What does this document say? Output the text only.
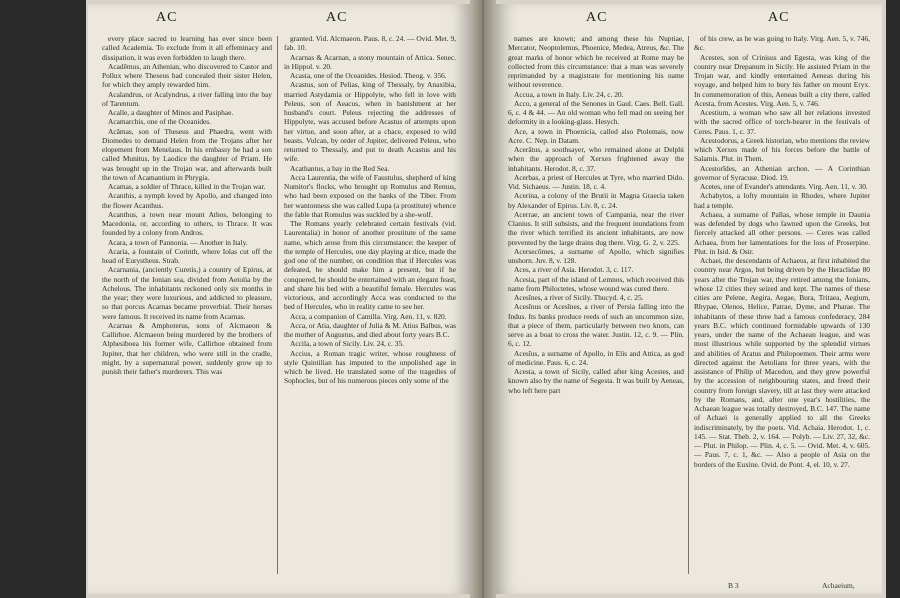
AC	AC

every place sacred to learning has ever since been called Academia. To exclude from it all effeminacy and dissipation, it was even forbidden to laugh there.

Acadēmus, an Athenian, who discovered to Castor and Pollux where Theseus had concealed their sister Helen, for which they amply rewarded him.

Acalandrus, or Acalyndrus, a river falling into the bay of Tarentum.

Acalle, a daughter of Minos and Pasiphae.

Acamarchis, one of the Oceanides.

Acămas, son of Theseus and Phaedra, went with Diomedes to demand Helen from the Trojans after her elopement from Menelaus. In his embassy he had a son called Munitus, by Laodice the daughter of Priam. He was brought up in the Trojan war, and afterwards built the town of Acamantium in Phrygia.

Acamas, a soldier of Thrace, killed in the Trojan war.

Acanthis, a nymph loved by Apollo, and changed into the flower Acanthus.

Acanthus, a town near mount Athos, belonging to Macedonia, or, according to others, to Thrace. It was founded by a colony from Andros.

Acara, a town of Pannonia. — Another in Italy.

Acaria, a fountain of Corinth, where Iolas cut off the head of Eurystheus. Strab.

Acarnania, (anciently Curetis,) a country of Epirus, at the north of the Ionian sea, divided from Aetolia by the Achelous. The inhabitants reckoned only six months in the year; they were luxurious, and addicted to pleasure, so that porcus Acarnas became proverbial. Their horses were famous. It received its name from Acarnas.

Acarnas & Amphoterus, sons of Alcmaeon & Callirhoe. Alcmaeon being murdered by the brothers of Alphesiboea his former wife, Callirhoe obtained from Jupiter, that her children, who were still in the cradle, might, by a supernatural power, suddenly grow up to punish their father's murderers. This was

granted. Vid. Alcmaeon. Paus. 8, c. 24. — Ovid. Met. 9, fab. 10.

Acarnas & Acarnan, a stony mountain of Attica. Senec. in Hippol. v. 20.

Acasta, one of the Oceanides. Hesiod. Theog. v. 356.

Acastus, son of Pelias, king of Thessaly, by Anaxibia, married Astydamia or Hippolyte, who fell in love with Peleus, son of Aeacus, when in banishment at her husband's court. Peleus rejecting the addresses of Hippolyte, was accused before Acastus of attempts upon her virtue, and soon after, at a chace, exposed to wild beasts. Vulcan, by order of Jupiter, delivered Peleus, who returned to Thessaly, and put to death Acastus and his wife.

Acathantus, a bay in the Red Sea.

Acca Laurentia, the wife of Faustulus, shepherd of king Numitor's flocks, who brought up Romulus and Remus, who had been exposed on the banks of the Tiber. From her wantonness she was called Lupa (a prostitute) whence the fable that Romulus was suckled by a she-wolf.

The Romans yearly celebrated certain festivals (vid. Laurentalia) in honor of another prostitute of the same name, which arose from this circumstance: the keeper of the temple of Hercules, one day playing at dice, made the god one of the number, on condition that if Hercules was defeated, he should make him a present, but if he conquered, he should be entertained with an elegant feast, and share his bed with a beautiful female. Hercules was victorious, and accordingly Acca was conducted to the bed of Hercules, who in reality came to see her.

Acca, a companion of Camilla. Virg. Aen. 11, v. 820.

Acca, or Atia, daughter of Julia & M. Atius Balbus, was the mother of Augustus, and died about forty years B.C.

Accila, a town of Sicily. Liv. 24, c. 35.

Accius, a Roman tragic writer, whose roughness of style Quintilian has imputed to the unpolished age in which he lived. He translated some of the tragedies of Sophocles, but of his numerous pieces only some of the

AC	AC

names are known; and among these his Nuptiae, Mercator, Neoptolemus, Phoenice, Medea, Atreus, &c. The great marks of honor which he received at Rome may be collected from this circumstance: that a man was severely reprimanded by a magistrate for mentioning his name without reverence.

Accua, a town in Italy. Liv. 24, c. 20.

Acco, a general of the Senones in Gaul. Caes. Bell. Gall. 6, c. 4 & 44. — An old woman who fell mad on seeing her deformity in a looking-glass. Hesych.

Ace, a town in Phoenicia, called also Ptolemais, now Acre. C. Nep. in Datam.

Acerātus, a soothsayer, who remained alone at Delphi when the approach of Xerxes frightened away the inhabitants. Herodot. 8, c. 37.

Acerbas, a priest of Hercules at Tyre, who married Dido. Vid. Sichaeus. — Justin. 18, c. 4.

Acerina, a colony of the Brutii in Magna Graecia taken by Alexander of Epirus. Liv. 8, c. 24.

Acerrae, an ancient town of Campania, near the river Clanius. It still subsists, and the frequent inundations from the river which terrified its ancient inhabitants, are now prevented by the large drains dug there. Virg. G. 2, v. 225.

Acersecŏmes, a surname of Apollo, which signifies unshorn. Juv. 8, v. 128.

Aces, a river of Asia. Herodot. 3, c. 117.

Acesia, part of the island of Lemnos, which received this name from Philoctetes, whose wound was cured there.

Acesīnes, a river of Sicily. Thucyd. 4, c. 25.

Acesīnus or Acesīnes, a river of Persia falling into the Indus. Its banks produce reeds of such an uncommon size, that a piece of them, particularly between two knots, can serve as a boat to cross the water. Justin. 12, c. 9. — Plin. 6, c. 12.

Acesĭus, a surname of Apollo, in Elis and Attica, as god of medicine. Paus. 6, c. 24.

Acesta, a town of Sicily, called after king Acestes, and known also by the name of Segesta. It was built by Aeneas, who left here part

of his crew, as he was going to Italy. Virg. Aen. 5, v. 746, &c.

Acestes, son of Crinisus and Egesta, was king of the country near Drepanum in Sicily. He assisted Priam in the Trojan war, and kindly entertained Aeneas during his voyage, and helped him to bury his father on mount Eryx. In commemoration of this, Aeneas built a city there, called Acesta, from Acestes. Virg. Aen. 5, v. 746.

Acestium, a woman who saw all her relations invested with the sacred office of torch-bearer in the festivals of Ceres. Paus. 1, c. 37.

Acestodorus, a Greek historian, who mentions the review which Xerxes made of his forces before the battle of Salamis. Plut. in Them.

Acestorĭdes, an Athenian archon. — A Corinthian governor of Syracuse. Diod. 19.

Acetes, one of Evander's attendants. Virg. Aen. 11, v. 30.

Achabytos, a lofty mountain in Rhodes, where Jupiter had a temple.

Achaea, a surname of Pallas, whose temple in Daunia was defended by dogs who fawned upon the Greeks, but fiercely attacked all other persons. — Ceres was called Achaea, from her lamentations for the loss of Proserpine. Plut. in Isid. & Osir.

Achaei, the descendants of Achaeus, at first inhabited the country near Argos, but being driven by the Heraclidae 80 years after the Trojan war, they retired among the Ionians, whose 12 cities they seized and kept. The names of these cities are Pelene, Aegira, Aegae, Bura, Tritaea, Aegium, Rhypae, Olenos, Helice, Patrae, Dyme, and Pharae. The inhabitants of these three had a famous confederacy, 284 years B.C. which continued formidable upwards of 130 years, under the name of the Achaean league, and was most illustrious while supported by the splendid virtues and abilities of Aratus and Philopoemen. Their arms were directed against the Aetolians for three years, with the assistance of Philip of Macedon, and they grew powerful by the accession of neighbouring states, and freed their country from foreign slavery, till at last they were attacked by the Romans, and, after one year's hostilities, the Achaean league was totally destroyed, B.C. 147. The name of Achaei is generally applied to all the Greeks indiscriminately, by the poets. Vid. Achaia. Herodot. 1, c. 145. — Stat. Theb. 2, v. 164. — Polyb. — Liv. 27, 32, &c. — Plut. in Philop. — Plin. 4, c. 5. — Ovid. Met. 4, v. 605. — Paus. 7, c. 1, &c. — Also a people of Asia on the borders of the Euxine. Ovid. de Pont. 4, el. 10, v. 27.

B 3	Achaeium,
